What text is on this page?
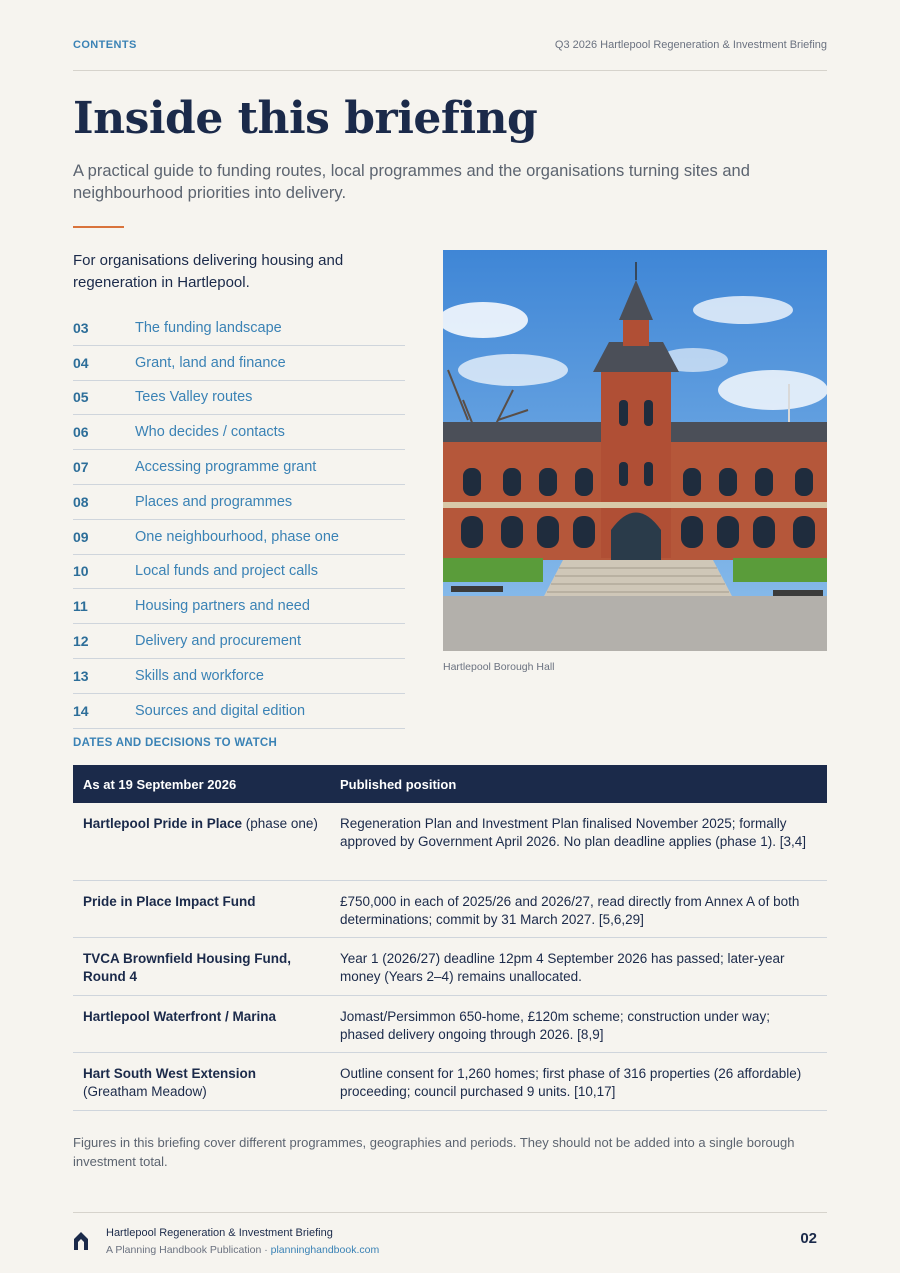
CONTENTS	Q3 2026 Hartlepool Regeneration & Investment Briefing
Inside this briefing

A practical guide to funding routes, local programmes and the organisations turning sites and neighbourhood priorities into delivery.

For organisations delivering housing and regeneration in Hartlepool.

03	The funding landscape
04	Grant, land and finance
05	Tees Valley routes
06	Who decides / contacts
07	Accessing programme grant
08	Places and programmes
09	One neighbourhood, phase one
10	Local funds and project calls
11	Housing partners and need
12	Delivery and procurement
13	Skills and workforce
14	Sources and digital edition
Hartlepool Borough Hall
DATES AND DECISIONS TO WATCH
As at 19 September 2026	Published position
Hartlepool Pride in Place (phase one)	Regeneration Plan and Investment Plan finalised November 2025; formally approved by Government April 2026. No plan deadline applies (phase 1). [3,4]
Pride in Place Impact Fund	£750,000 in each of 2025/26 and 2026/27, read directly from Annex A of both determinations; commit by 31 March 2027. [5,6,29]
TVCA Brownfield Housing Fund, Round 4	Year 1 (2026/27) deadline 12pm 4 September 2026 has passed; later-year money (Years 2–4) remains unallocated.
Hartlepool Waterfront / Marina	Jomast/Persimmon 650-home, £120m scheme; construction under way; phased delivery ongoing through 2026. [8,9]
Hart South West Extension (Greatham Meadow)	Outline consent for 1,260 homes; first phase of 316 properties (26 affordable) proceeding; council purchased 9 units. [10,17]

Figures in this briefing cover different programmes, geographies and periods. They should not be added into a single borough investment total.

Hartlepool Regeneration & Investment Briefing
A Planning Handbook Publication · planninghandbook.com
02
